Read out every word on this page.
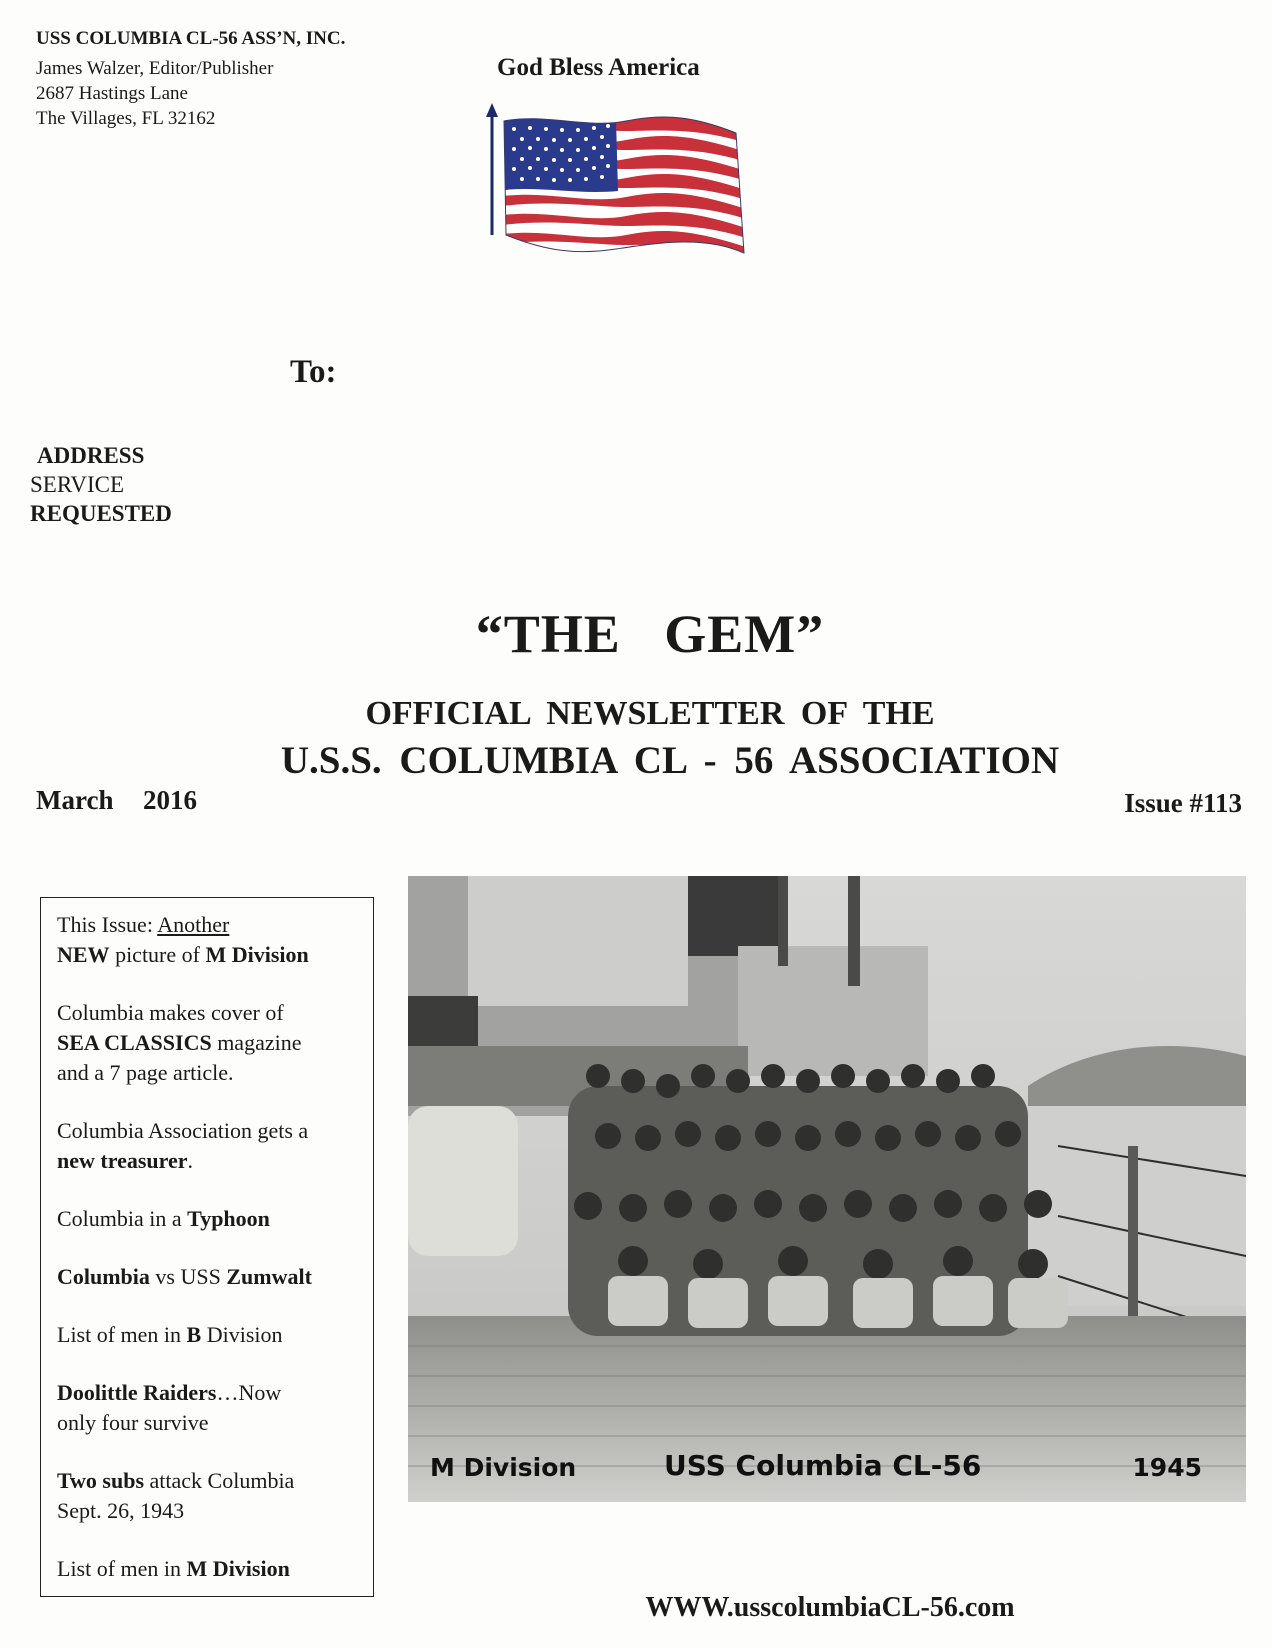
USS COLUMBIA CL-56 ASS’N, INC.
James Walzer, Editor/Publisher
2687 Hastings Lane
The Villages, FL 32162
God Bless America
To:
ADDRESS
SERVICE
REQUESTED
“THE   GEM”
OFFICIAL NEWSLETTER OF THE
U.S.S. COLUMBIA CL - 56 ASSOCIATION
March  2016	Issue #113
This Issue: Another
NEW picture of M Division
Columbia makes cover of
SEA CLASSICS magazine
and a 7 page article.
Columbia Association gets a
new treasurer.
Columbia in a Typhoon
Columbia vs USS Zumwalt
List of men in B Division
Doolittle Raiders…Now
only four survive
Two subs attack Columbia
Sept. 26, 1943
List of men in M Division
M Division	USS Columbia CL-56	1945
WWW.usscolumbiaCL-56.com
